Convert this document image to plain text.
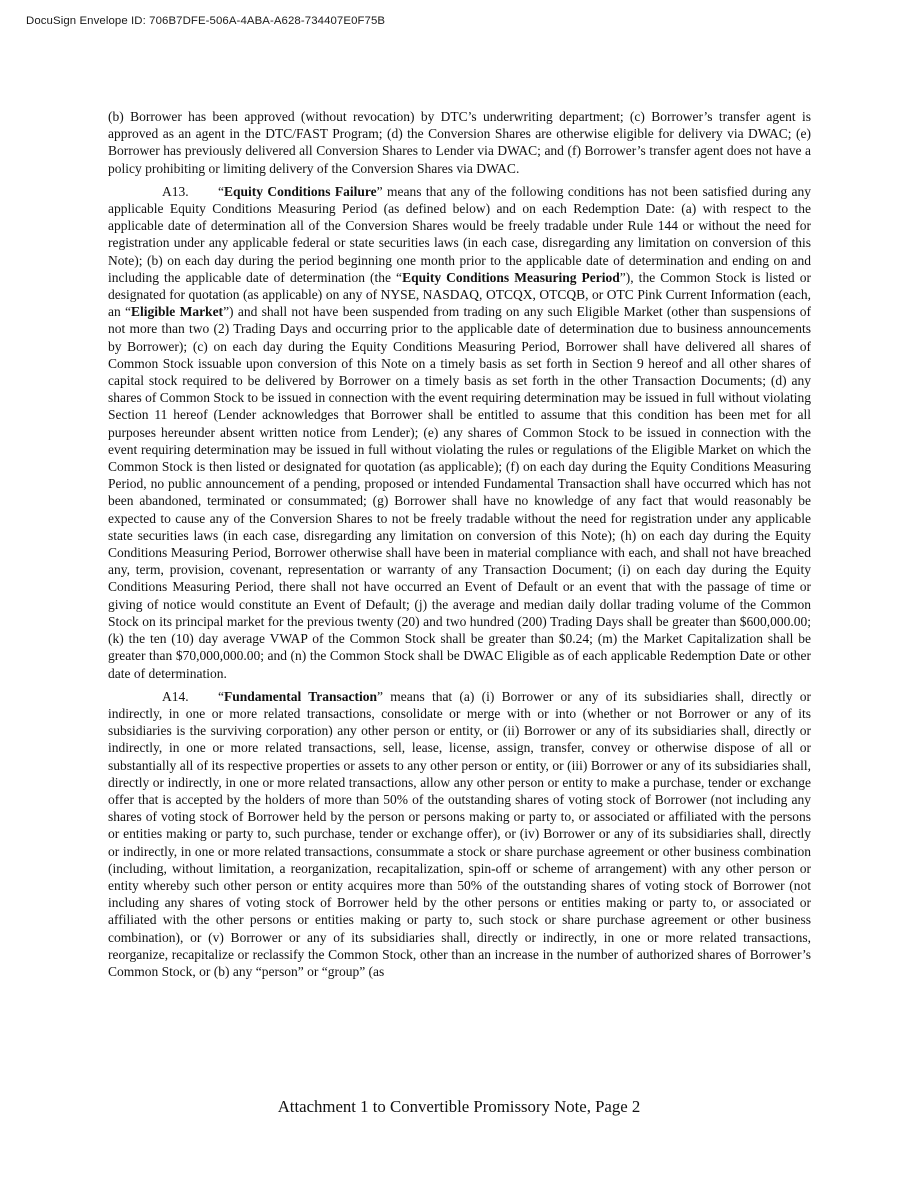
DocuSign Envelope ID: 706B7DFE-506A-4ABA-A628-734407E0F75B

(b) Borrower has been approved (without revocation) by DTC’s underwriting department; (c) Borrower’s transfer agent is approved as an agent in the DTC/FAST Program; (d) the Conversion Shares are otherwise eligible for delivery via DWAC; (e) Borrower has previously delivered all Conversion Shares to Lender via DWAC; and (f) Borrower’s transfer agent does not have a policy prohibiting or limiting delivery of the Conversion Shares via DWAC.

A13. “Equity Conditions Failure” means that any of the following conditions has not been satisfied during any applicable Equity Conditions Measuring Period (as defined below) and on each Redemption Date: (a) with respect to the applicable date of determination all of the Conversion Shares would be freely tradable under Rule 144 or without the need for registration under any applicable federal or state securities laws (in each case, disregarding any limitation on conversion of this Note); (b) on each day during the period beginning one month prior to the applicable date of determination and ending on and including the applicable date of determination (the “Equity Conditions Measuring Period”), the Common Stock is listed or designated for quotation (as applicable) on any of NYSE, NASDAQ, OTCQX, OTCQB, or OTC Pink Current Information (each, an “Eligible Market”) and shall not have been suspended from trading on any such Eligible Market (other than suspensions of not more than two (2) Trading Days and occurring prior to the applicable date of determination due to business announcements by Borrower); (c) on each day during the Equity Conditions Measuring Period, Borrower shall have delivered all shares of Common Stock issuable upon conversion of this Note on a timely basis as set forth in Section 9 hereof and all other shares of capital stock required to be delivered by Borrower on a timely basis as set forth in the other Transaction Documents; (d) any shares of Common Stock to be issued in connection with the event requiring determination may be issued in full without violating Section 11 hereof (Lender acknowledges that Borrower shall be entitled to assume that this condition has been met for all purposes hereunder absent written notice from Lender); (e) any shares of Common Stock to be issued in connection with the event requiring determination may be issued in full without violating the rules or regulations of the Eligible Market on which the Common Stock is then listed or designated for quotation (as applicable); (f) on each day during the Equity Conditions Measuring Period, no public announcement of a pending, proposed or intended Fundamental Transaction shall have occurred which has not been abandoned, terminated or consummated; (g) Borrower shall have no knowledge of any fact that would reasonably be expected to cause any of the Conversion Shares to not be freely tradable without the need for registration under any applicable state securities laws (in each case, disregarding any limitation on conversion of this Note); (h) on each day during the Equity Conditions Measuring Period, Borrower otherwise shall have been in material compliance with each, and shall not have breached any, term, provision, covenant, representation or warranty of any Transaction Document; (i) on each day during the Equity Conditions Measuring Period, there shall not have occurred an Event of Default or an event that with the passage of time or giving of notice would constitute an Event of Default; (j) the average and median daily dollar trading volume of the Common Stock on its principal market for the previous twenty (20) and two hundred (200) Trading Days shall be greater than $600,000.00; (k) the ten (10) day average VWAP of the Common Stock shall be greater than $0.24; (m) the Market Capitalization shall be greater than $70,000,000.00; and (n) the Common Stock shall be DWAC Eligible as of each applicable Redemption Date or other date of determination.

A14. “Fundamental Transaction” means that (a) (i) Borrower or any of its subsidiaries shall, directly or indirectly, in one or more related transactions, consolidate or merge with or into (whether or not Borrower or any of its subsidiaries is the surviving corporation) any other person or entity, or (ii) Borrower or any of its subsidiaries shall, directly or indirectly, in one or more related transactions, sell, lease, license, assign, transfer, convey or otherwise dispose of all or substantially all of its respective properties or assets to any other person or entity, or (iii) Borrower or any of its subsidiaries shall, directly or indirectly, in one or more related transactions, allow any other person or entity to make a purchase, tender or exchange offer that is accepted by the holders of more than 50% of the outstanding shares of voting stock of Borrower (not including any shares of voting stock of Borrower held by the person or persons making or party to, or associated or affiliated with the persons or entities making or party to, such purchase, tender or exchange offer), or (iv) Borrower or any of its subsidiaries shall, directly or indirectly, in one or more related transactions, consummate a stock or share purchase agreement or other business combination (including, without limitation, a reorganization, recapitalization, spin-off or scheme of arrangement) with any other person or entity whereby such other person or entity acquires more than 50% of the outstanding shares of voting stock of Borrower (not including any shares of voting stock of Borrower held by the other persons or entities making or party to, or associated or affiliated with the other persons or entities making or party to, such stock or share purchase agreement or other business combination), or (v) Borrower or any of its subsidiaries shall, directly or indirectly, in one or more related transactions, reorganize, recapitalize or reclassify the Common Stock, other than an increase in the number of authorized shares of Borrower’s Common Stock, or (b) any “person” or “group” (as

Attachment 1 to Convertible Promissory Note, Page 2
